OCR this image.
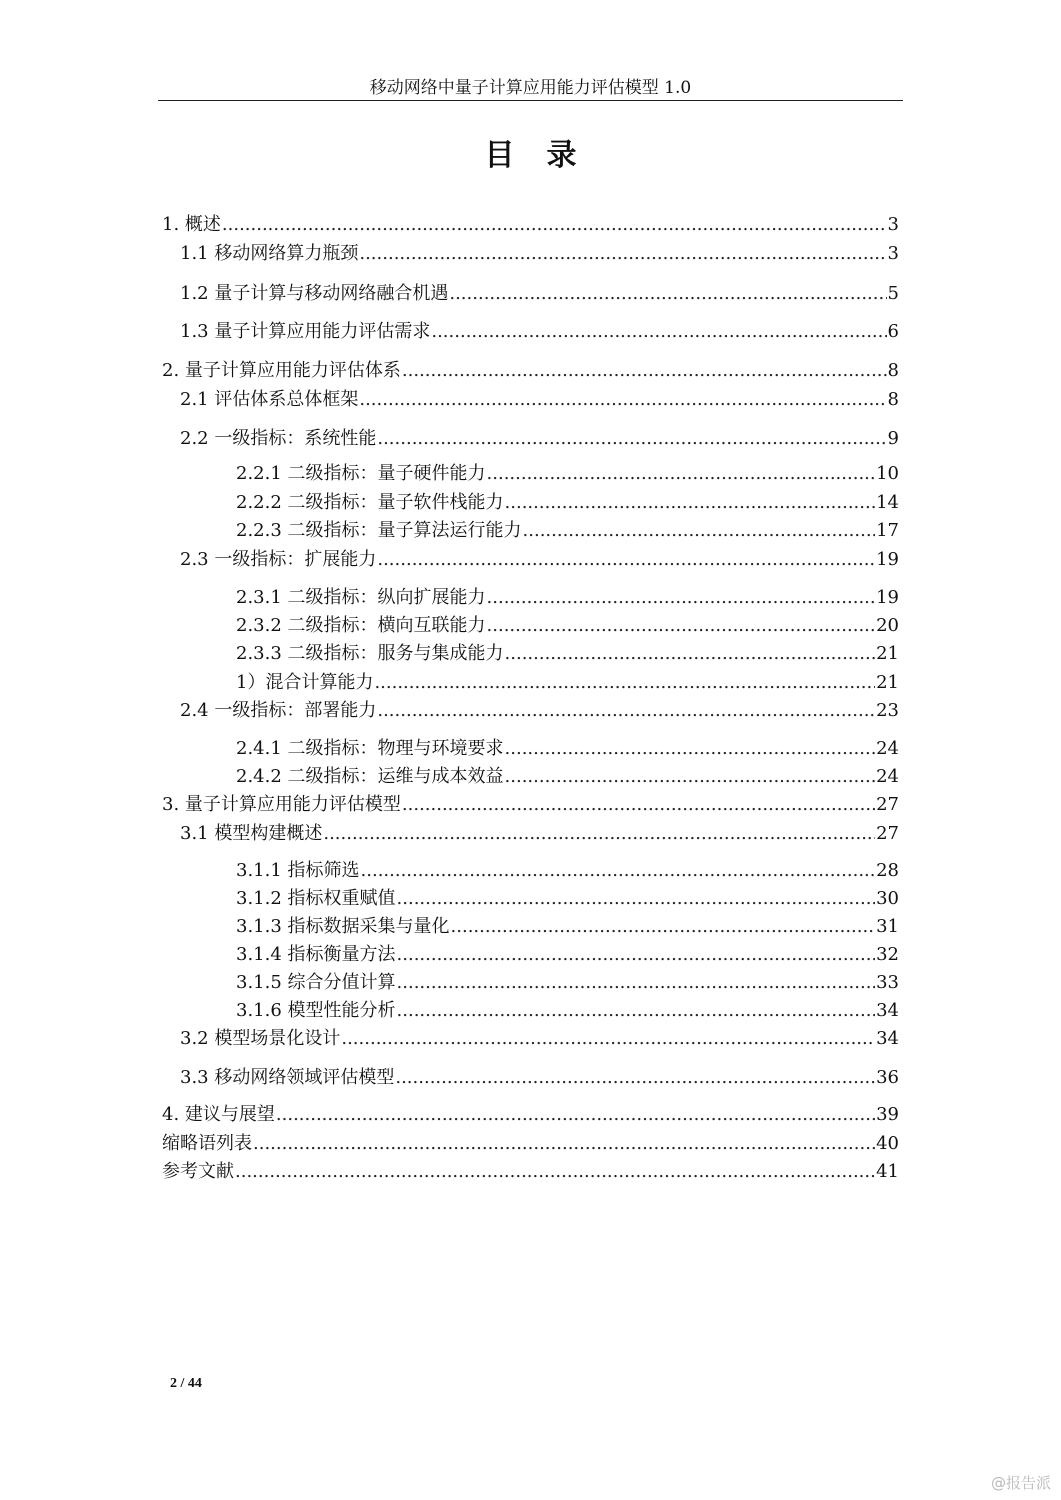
移动网络中量子计算应用能力评估模型 1.0
目录
1. 概述 .....	3
1.1 移动网络算力瓶颈 .....	3
1.2 量子计算与移动网络融合机遇 .....	5
1.3 量子计算应用能力评估需求 .....	6
2. 量子计算应用能力评估体系 .....	8
2.1 评估体系总体框架 .....	8
2.2 一级指标：系统性能 .....	9
2.2.1 二级指标：量子硬件能力 .....	10
2.2.2 二级指标：量子软件栈能力 .....	14
2.2.3 二级指标：量子算法运行能力 .....	17
2.3 一级指标：扩展能力 .....	19
2.3.1 二级指标：纵向扩展能力 .....	19
2.3.2 二级指标：横向互联能力 .....	20
2.3.3 二级指标：服务与集成能力 .....	21
1）混合计算能力 .....	21
2.4 一级指标：部署能力 .....	23
2.4.1 二级指标：物理与环境要求 .....	24
2.4.2 二级指标：运维与成本效益 .....	24
3. 量子计算应用能力评估模型 .....	27
3.1 模型构建概述 .....	27
3.1.1 指标筛选 .....	28
3.1.2 指标权重赋值 .....	30
3.1.3 指标数据采集与量化 .....	31
3.1.4 指标衡量方法 .....	32
3.1.5 综合分值计算 .....	33
3.1.6 模型性能分析 .....	34
3.2 模型场景化设计 .....	34
3.3 移动网络领域评估模型 .....	36
4. 建议与展望 .....	39
缩略语列表 .....	40
参考文献 .....	41
2 / 44
@报告派
